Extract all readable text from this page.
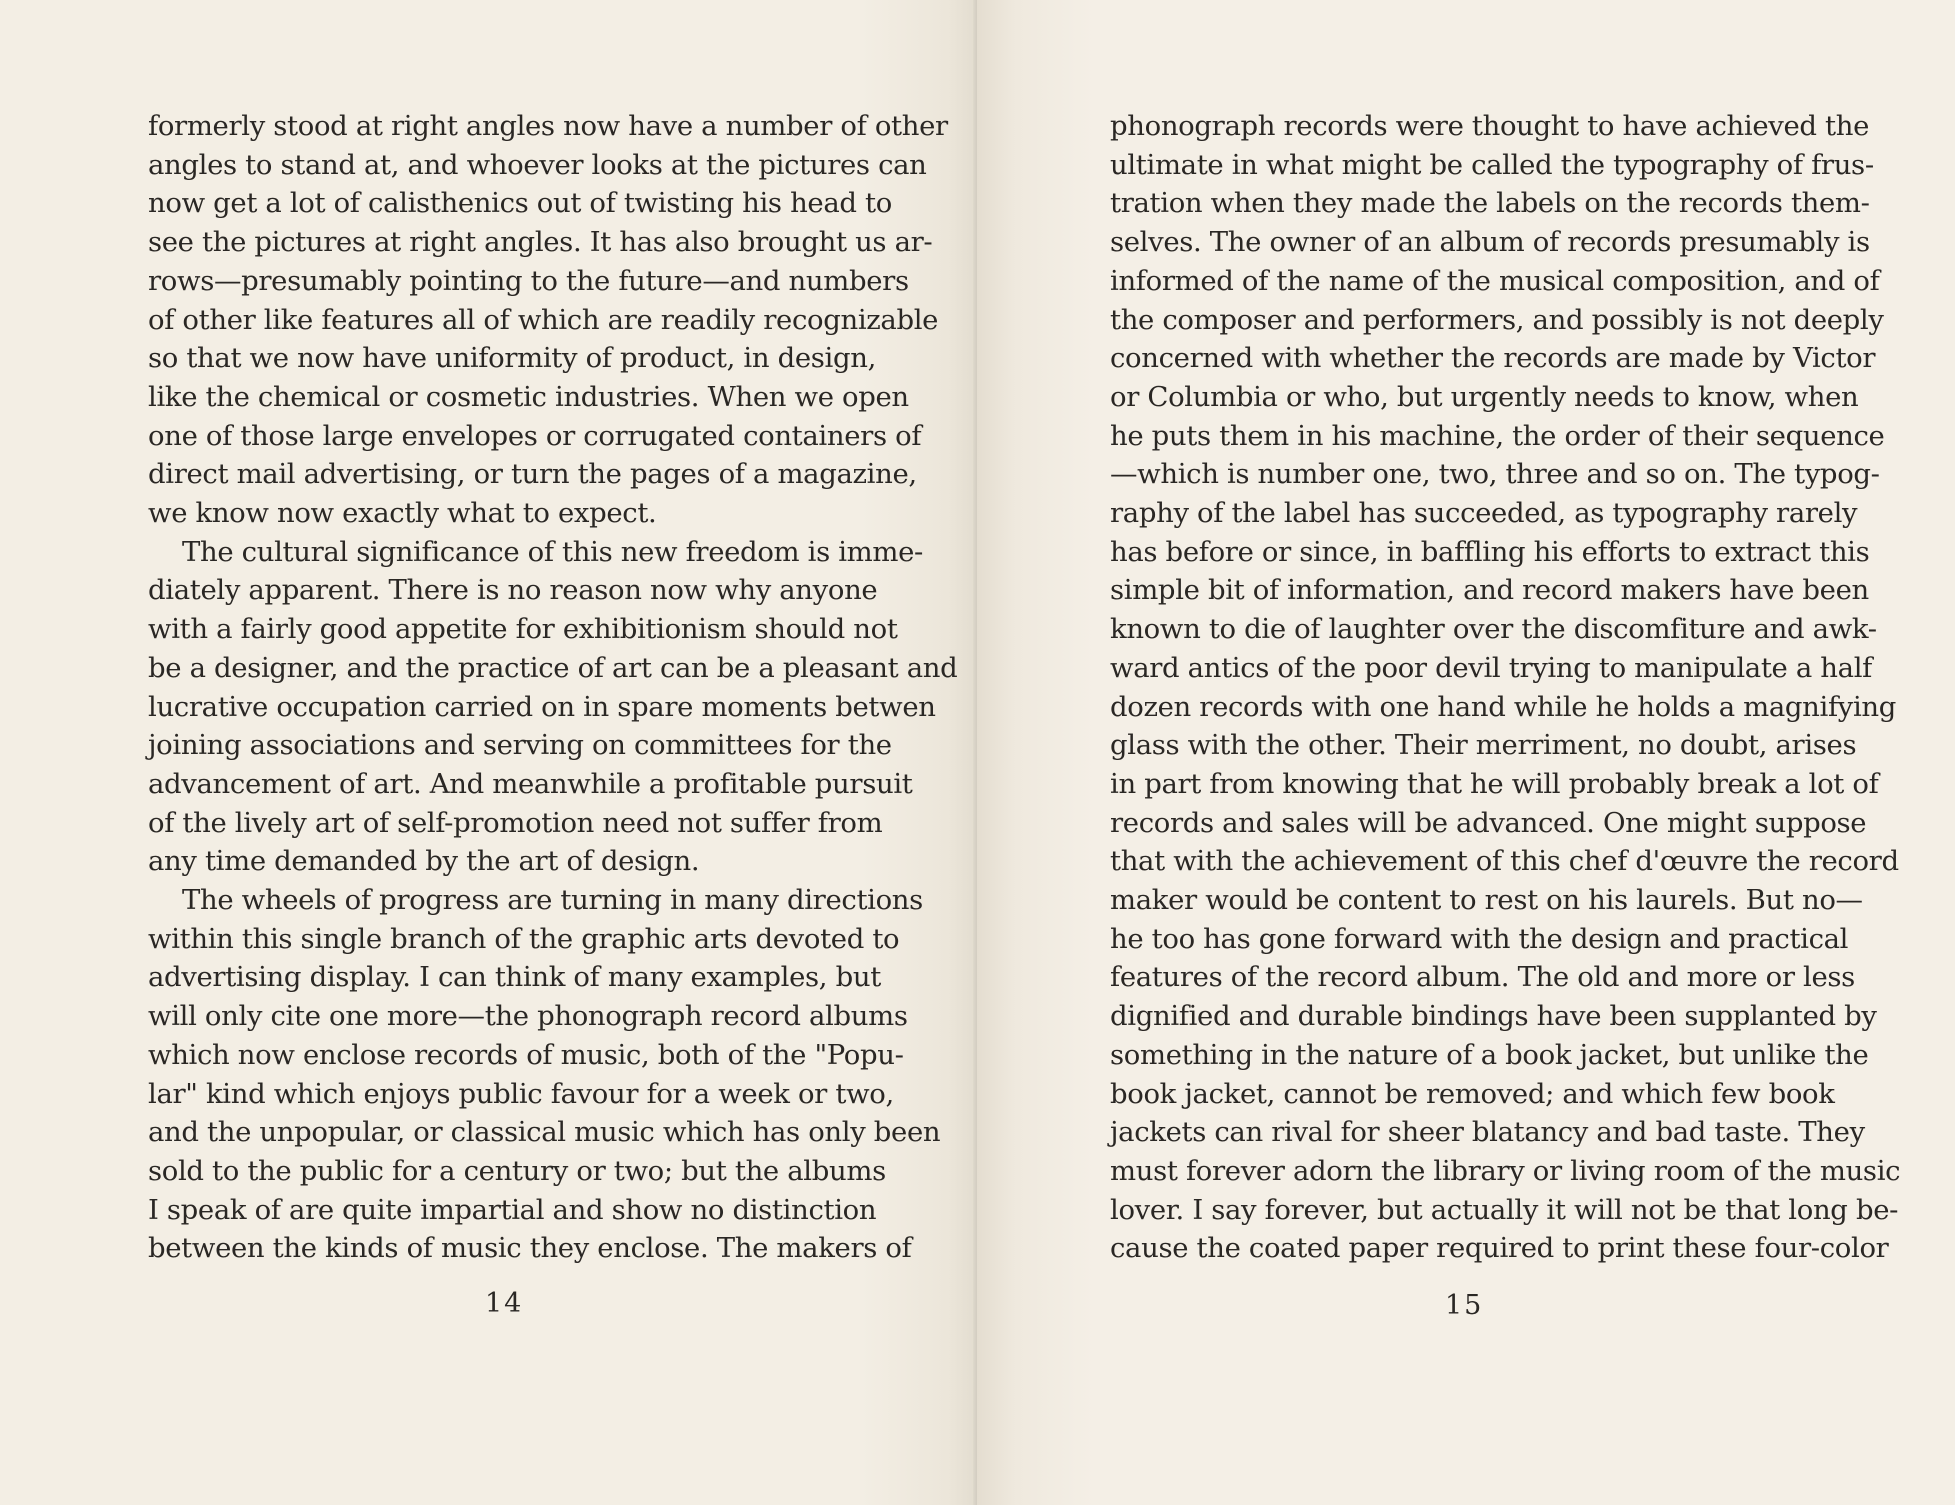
formerly stood at right angles now have a number of other
angles to stand at, and whoever looks at the pictures can
now get a lot of calisthenics out of twisting his head to
see the pictures at right angles. It has also brought us ar-
rows—presumably pointing to the future—and numbers
of other like features all of which are readily recognizable
so that we now have uniformity of product, in design,
like the chemical or cosmetic industries. When we open
one of those large envelopes or corrugated containers of
direct mail advertising, or turn the pages of a magazine,
we know now exactly what to expect.
The cultural significance of this new freedom is imme-
diately apparent. There is no reason now why anyone
with a fairly good appetite for exhibitionism should not
be a designer, and the practice of art can be a pleasant and
lucrative occupation carried on in spare moments betwen
joining associations and serving on committees for the
advancement of art. And meanwhile a profitable pursuit
of the lively art of self-promotion need not suffer from
any time demanded by the art of design.
The wheels of progress are turning in many directions
within this single branch of the graphic arts devoted to
advertising display. I can think of many examples, but
will only cite one more—the phonograph record albums
which now enclose records of music, both of the "Popu-
lar" kind which enjoys public favour for a week or two,
and the unpopular, or classical music which has only been
sold to the public for a century or two; but the albums
I speak of are quite impartial and show no distinction
between the kinds of music they enclose. The makers of
14
phonograph records were thought to have achieved the
ultimate in what might be called the typography of frus-
tration when they made the labels on the records them-
selves. The owner of an album of records presumably is
informed of the name of the musical composition, and of
the composer and performers, and possibly is not deeply
concerned with whether the records are made by Victor
or Columbia or who, but urgently needs to know, when
he puts them in his machine, the order of their sequence
—which is number one, two, three and so on. The typog-
raphy of the label has succeeded, as typography rarely
has before or since, in baffling his efforts to extract this
simple bit of information, and record makers have been
known to die of laughter over the discomfiture and awk-
ward antics of the poor devil trying to manipulate a half
dozen records with one hand while he holds a magnifying
glass with the other. Their merriment, no doubt, arises
in part from knowing that he will probably break a lot of
records and sales will be advanced. One might suppose
that with the achievement of this chef d'œuvre the record
maker would be content to rest on his laurels. But no—
he too has gone forward with the design and practical
features of the record album. The old and more or less
dignified and durable bindings have been supplanted by
something in the nature of a book jacket, but unlike the
book jacket, cannot be removed; and which few book
jackets can rival for sheer blatancy and bad taste. They
must forever adorn the library or living room of the music
lover. I say forever, but actually it will not be that long be-
cause the coated paper required to print these four-color
15
